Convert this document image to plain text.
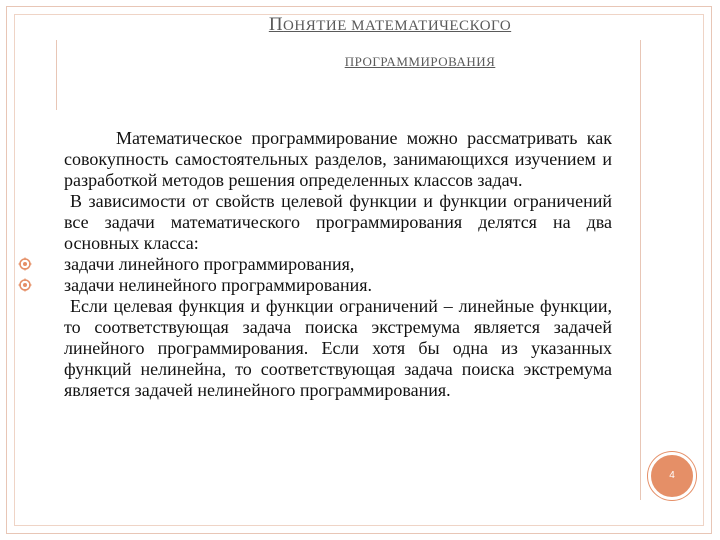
ПОНЯТИЕ МАТЕМАТИЧЕСКОГО
ПРОГРАММИРОВАНИЯ

Математическое программирование можно рассматривать как совокупность самостоятельных разделов, занимающихся изучением и разработкой методов решения определенных классов задач.

В зависимости от свойств целевой функции и функции ограничений все задачи математического программирования делятся на два основных класса:

задачи линейного программирования,
задачи нелинейного программирования.

Если целевая функция и функции ограничений – линейные функции, то соответствующая задача поиска экстремума является задачей линейного программирования. Если хотя бы одна из указанных функций нелинейна, то соответствующая задача поиска экстремума является задачей нелинейного программирования.

4
